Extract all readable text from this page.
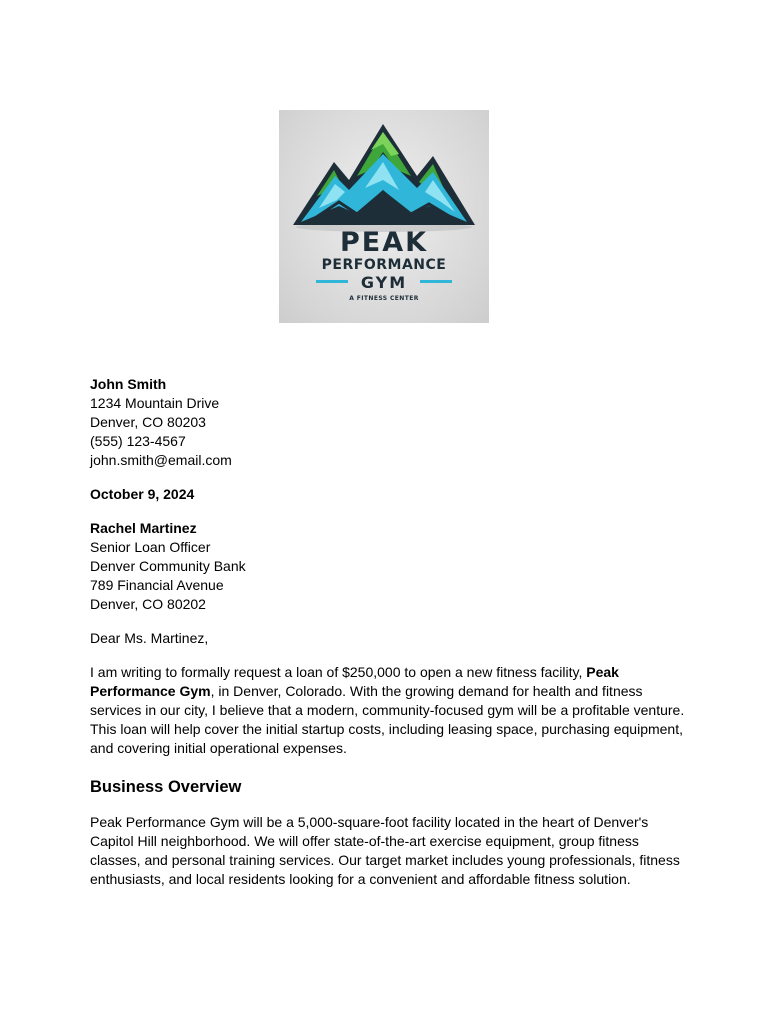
PEAK
PERFORMANCE
GYM
A FITNESS CENTER
John Smith
1234 Mountain Drive
Denver, CO 80203
(555) 123-4567
john.smith@email.com
October 9, 2024
Rachel Martinez
Senior Loan Officer
Denver Community Bank
789 Financial Avenue
Denver, CO 80202

Dear Ms. Martinez,

I am writing to formally request a loan of $250,000 to open a new fitness facility, Peak Performance Gym, in Denver, Colorado. With the growing demand for health and fitness services in our city, I believe that a modern, community-focused gym will be a profitable venture. This loan will help cover the initial startup costs, including leasing space, purchasing equipment, and covering initial operational expenses.

Business Overview

Peak Performance Gym will be a 5,000-square-foot facility located in the heart of Denver's Capitol Hill neighborhood. We will offer state-of-the-art exercise equipment, group fitness classes, and personal training services. Our target market includes young professionals, fitness enthusiasts, and local residents looking for a convenient and affordable fitness solution.
